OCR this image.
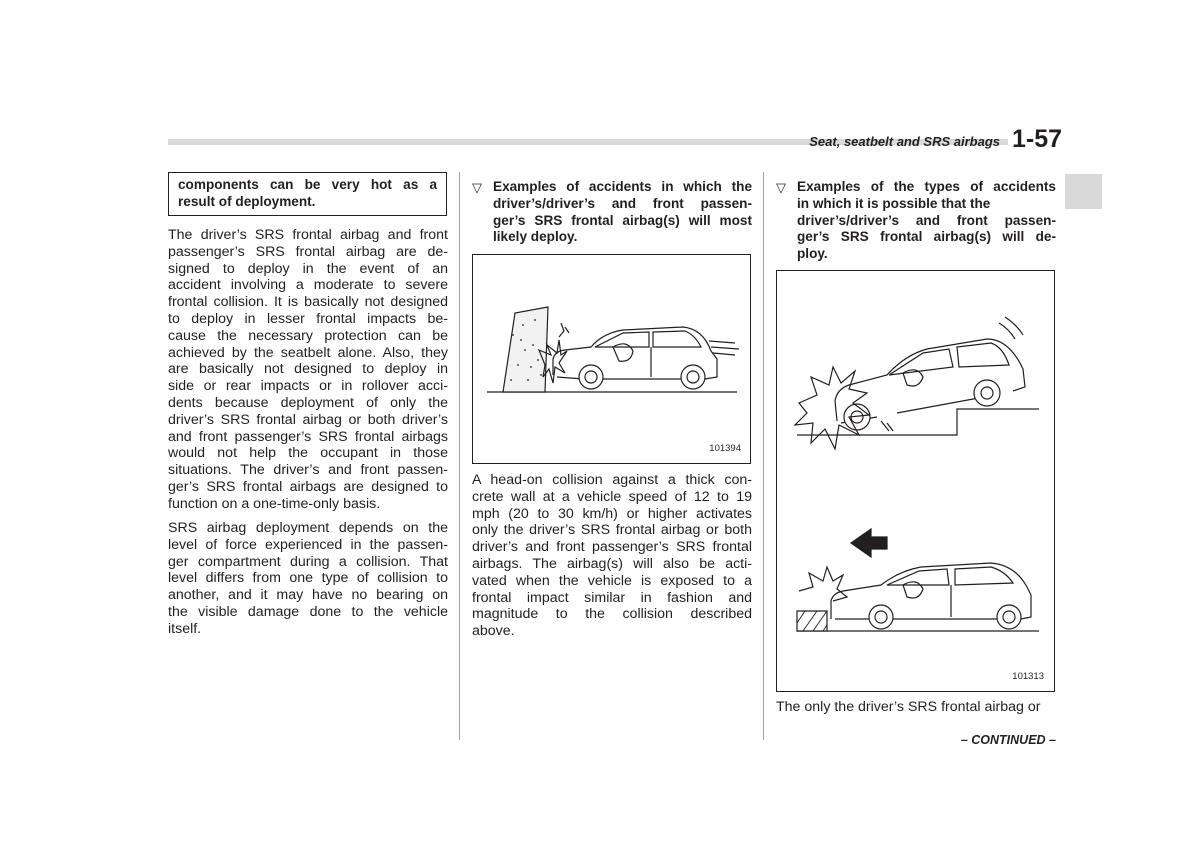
Seat, seatbelt and SRS airbags 1-57
components can be very hot as a
result of deployment.
The driver’s SRS frontal airbag and front
passenger’s SRS frontal airbag are de-
signed to deploy in the event of an
accident involving a moderate to severe
frontal collision. It is basically not designed
to deploy in lesser frontal impacts be-
cause the necessary protection can be
achieved by the seatbelt alone. Also, they
are basically not designed to deploy in
side or rear impacts or in rollover acci-
dents because deployment of only the
driver’s SRS frontal airbag or both driver’s
and front passenger’s SRS frontal airbags
would not help the occupant in those
situations. The driver’s and front passen-
ger’s SRS frontal airbags are designed to
function on a one-time-only basis.
SRS airbag deployment depends on the
level of force experienced in the passen-
ger compartment during a collision. That
level differs from one type of collision to
another, and it may have no bearing on
the visible damage done to the vehicle
itself.
▽ Examples of accidents in which the
driver’s/driver’s and front passen-
ger’s SRS frontal airbag(s) will most
likely deploy.
101394
A head-on collision against a thick con-
crete wall at a vehicle speed of 12 to 19
mph (20 to 30 km/h) or higher activates
only the driver’s SRS frontal airbag or both
driver’s and front passenger’s SRS frontal
airbags. The airbag(s) will also be acti-
vated when the vehicle is exposed to a
frontal impact similar in fashion and
magnitude to the collision described
above.
▽ Examples of the types of accidents
in which it is possible that the
driver’s/driver’s and front passen-
ger’s SRS frontal airbag(s) will de-
ploy.
101313
The only the driver’s SRS frontal airbag or
– CONTINUED –
